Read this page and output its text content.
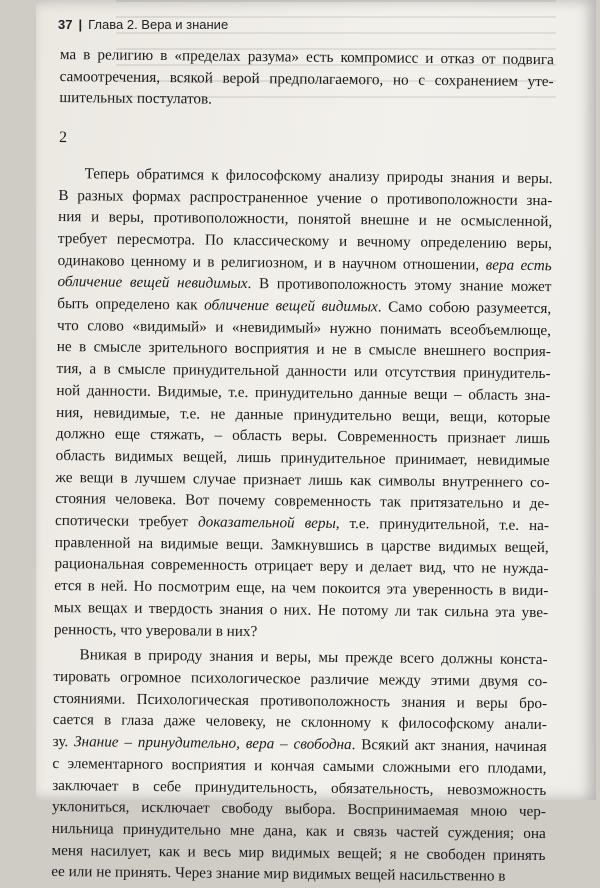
37 | Глава 2. Вера и знание
ма в религию в «пределах разума» есть компромисс и отказ от подвига
самоотречения, всякой верой предполагаемого, но с сохранением уте-
шительных постулатов.
2
Теперь обратимся к философскому анализу природы знания и веры.
В разных формах распространенное учение о противоположности зна-
ния и веры, противоположности, понятой внешне и не осмысленной,
требует пересмотра. По классическому и вечному определению веры,
одинаково ценному и в религиозном, и в научном отношении, вера есть
обличение вещей невидимых. В противоположность этому знание может
быть определено как обличение вещей видимых. Само собою разумеется,
что слово «видимый» и «невидимый» нужно понимать всеобъемлюще,
не в смысле зрительного восприятия и не в смысле внешнего восприя-
тия, а в смысле принудительной данности или отсутствия принудитель-
ной данности. Видимые, т.е. принудительно данные вещи – область зна-
ния, невидимые, т.е. не данные принудительно вещи, вещи, которые
должно еще стяжать, – область веры. Современность признает лишь
область видимых вещей, лишь принудительное принимает, невидимые
же вещи в лучшем случае признает лишь как символы внутреннего со-
стояния человека. Вот почему современность так притязательно и де-
спотически требует доказательной веры, т.е. принудительной, т.е. на-
правленной на видимые вещи. Замкнувшись в царстве видимых вещей,
рациональная современность отрицает веру и делает вид, что не нужда-
ется в ней. Но посмотрим еще, на чем покоится эта уверенность в види-
мых вещах и твердость знания о них. Не потому ли так сильна эта уве-
ренность, что уверовали в них?
Вникая в природу знания и веры, мы прежде всего должны конста-
тировать огромное психологическое различие между этими двумя со-
стояниями. Психологическая противоположность знания и веры бро-
сается в глаза даже человеку, не склонному к философскому анали-
зу. Знание – принудительно, вера – свободна. Всякий акт знания, начиная
с элементарного восприятия и кончая самыми сложными его плодами,
заключает в себе принудительность, обязательность, невозможность
уклониться, исключает свободу выбора. Воспринимаемая мною чер-
нильница принудительно мне дана, как и связь частей суждения; она
меня насилует, как и весь мир видимых вещей; я не свободен принять
ее или не принять. Через знание мир видимых вещей насильственно в
